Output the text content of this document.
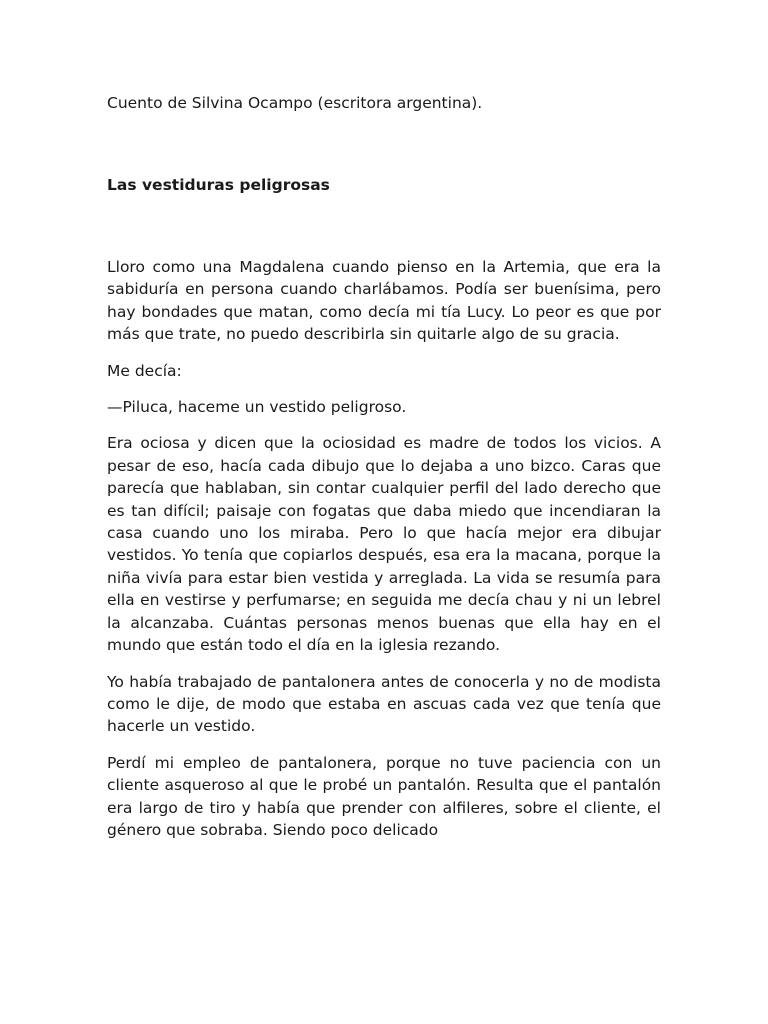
Cuento de Silvina Ocampo (escritora argentina).

Las vestiduras peligrosas

Lloro como una Magdalena cuando pienso en la Artemia, que era la sabiduría en persona cuando charlábamos. Podía ser buenísima, pero hay bondades que matan, como decía mi tía Lucy. Lo peor es que por más que trate, no puedo describirla sin quitarle algo de su gracia.

Me decía:

—Piluca, haceme un vestido peligroso.

Era ociosa y dicen que la ociosidad es madre de todos los vicios. A pesar de eso, hacía cada dibujo que lo dejaba a uno bizco. Caras que parecía que hablaban, sin contar cualquier perfil del lado derecho que es tan difícil; paisaje con fogatas que daba miedo que incendiaran la casa cuando uno los miraba. Pero lo que hacía mejor era dibujar vestidos. Yo tenía que copiarlos después, esa era la macana, porque la niña vivía para estar bien vestida y arreglada. La vida se resumía para ella en vestirse y perfumarse; en seguida me decía chau y ni un lebrel la alcanzaba. Cuántas personas menos buenas que ella hay en el mundo que están todo el día en la iglesia rezando.

Yo había trabajado de pantalonera antes de conocerla y no de modista como le dije, de modo que estaba en ascuas cada vez que tenía que hacerle un vestido.

Perdí mi empleo de pantalonera, porque no tuve paciencia con un cliente asqueroso al que le probé un pantalón. Resulta que el pantalón era largo de tiro y había que prender con alfileres, sobre el cliente, el género que sobraba. Siendo poco delicado
